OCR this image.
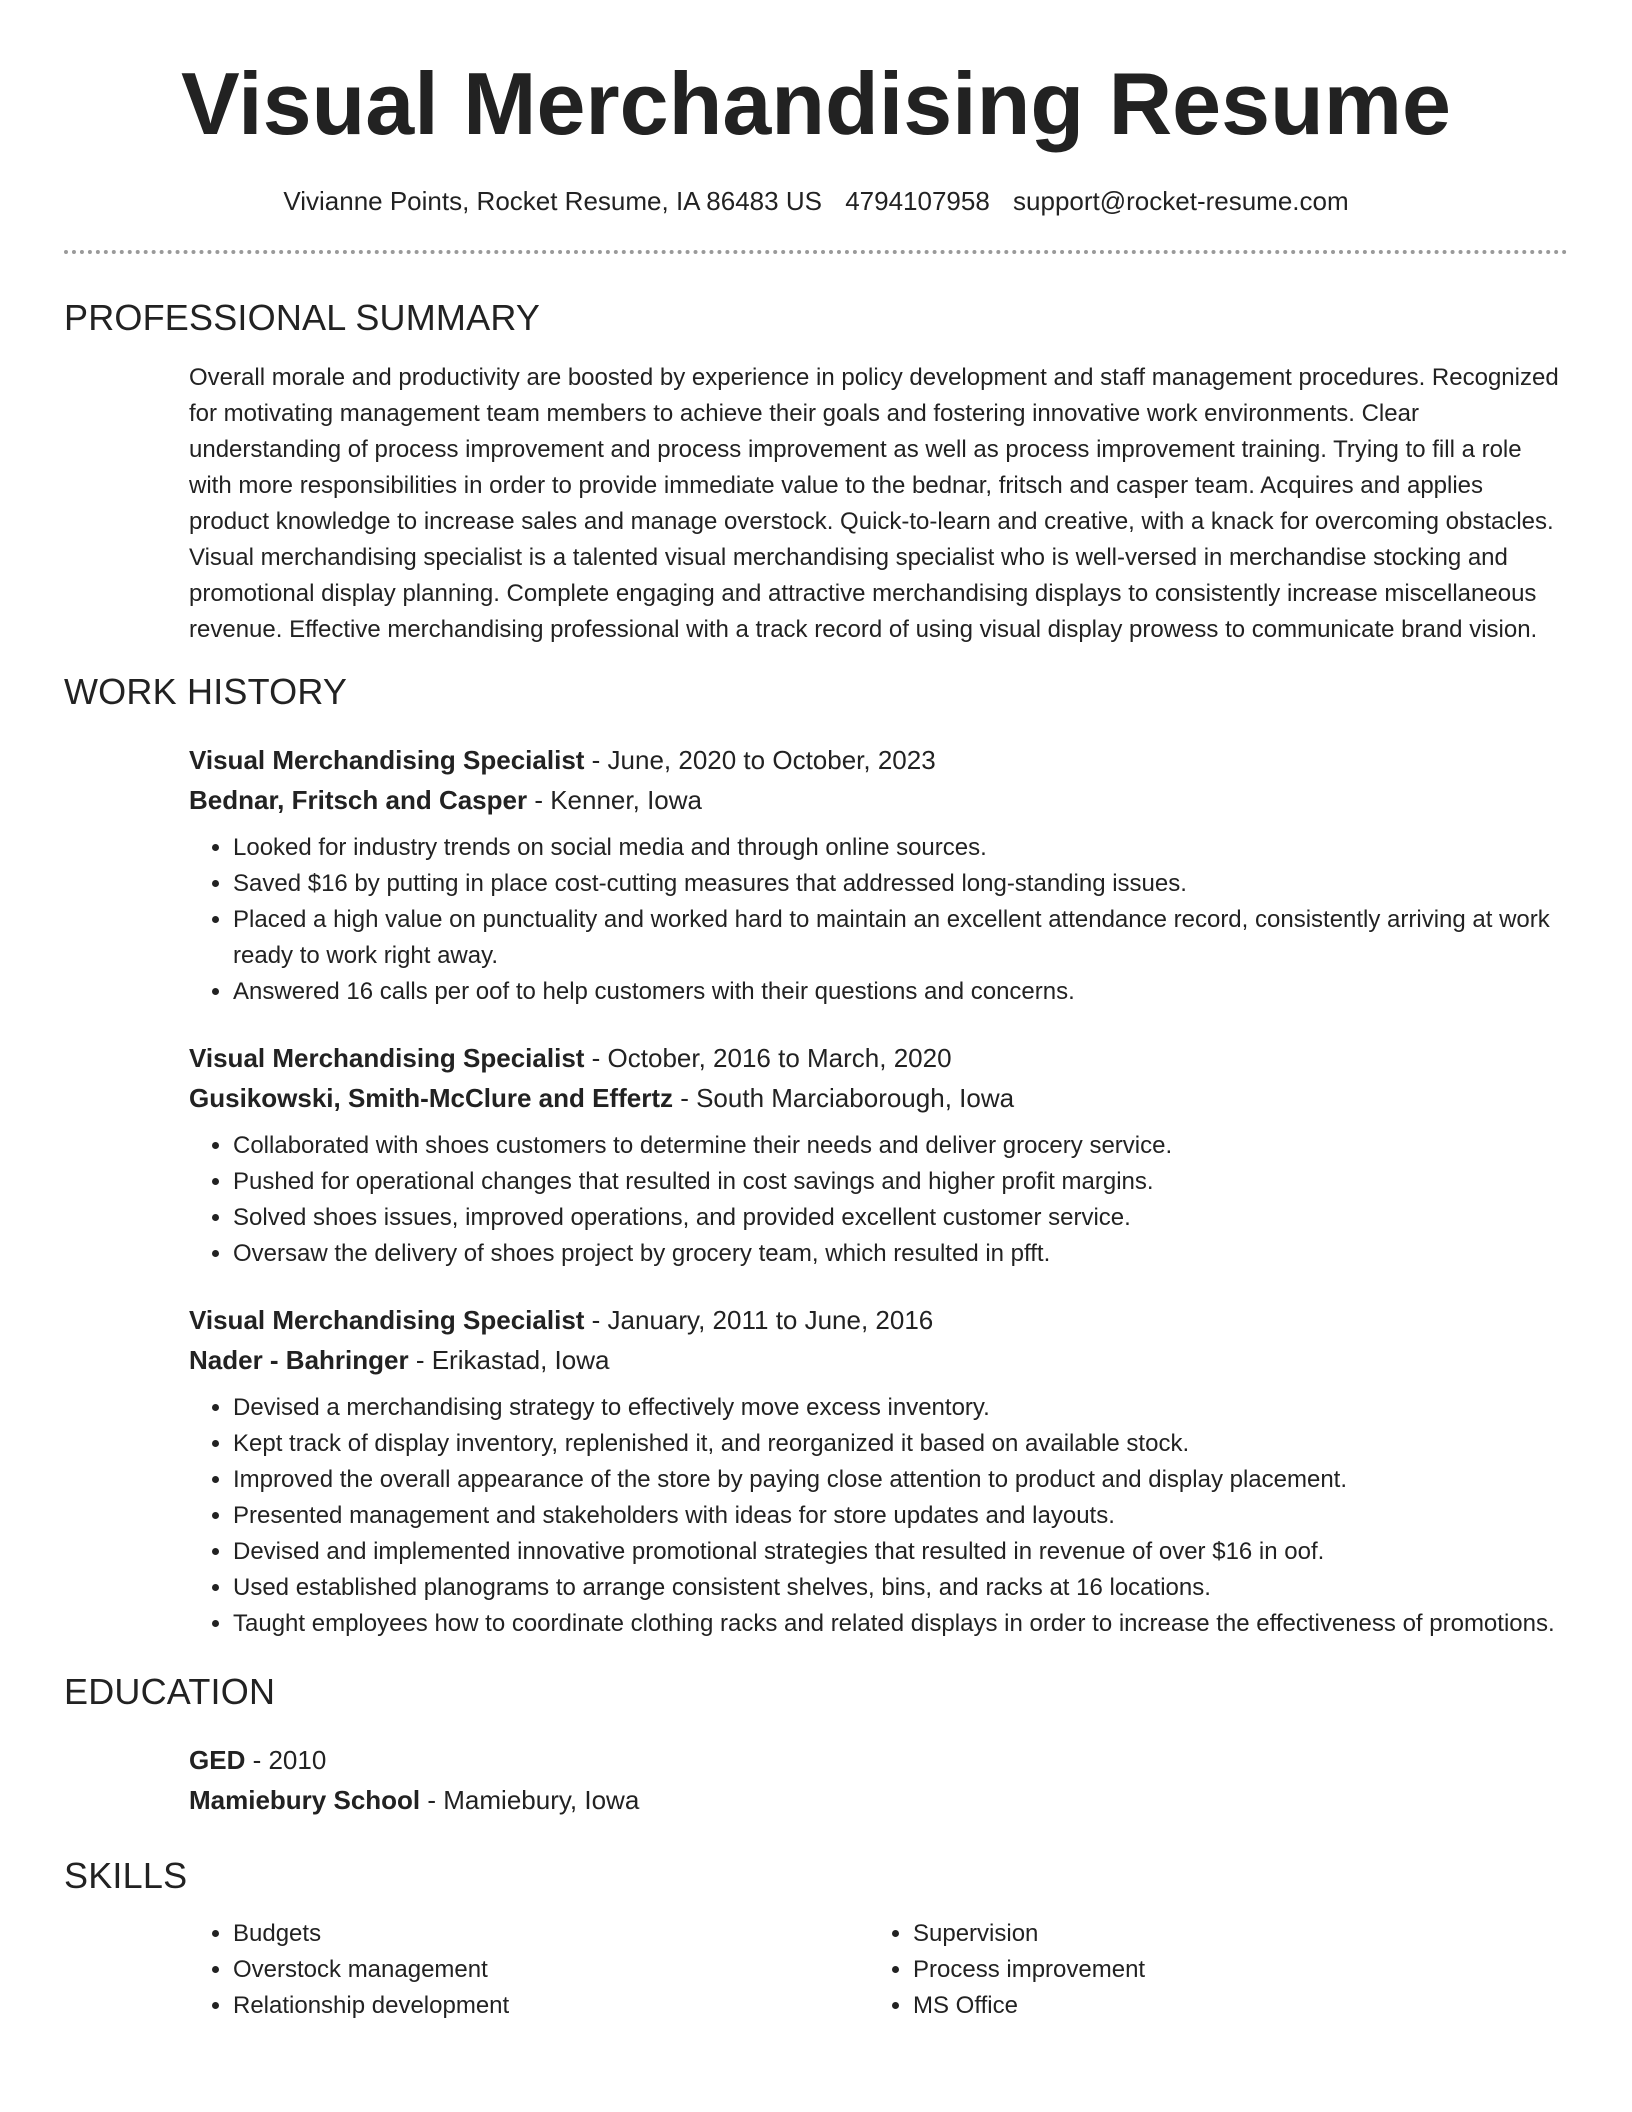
Visual Merchandising Resume
Vivianne Points, Rocket Resume, IA 86483 US 4794107958 support@rocket-resume.com
PROFESSIONAL SUMMARY
Overall morale and productivity are boosted by experience in policy development and staff management procedures. Recognized for motivating management team members to achieve their goals and fostering innovative work environments. Clear understanding of process improvement and process improvement as well as process improvement training. Trying to fill a role with more responsibilities in order to provide immediate value to the bednar, fritsch and casper team. Acquires and applies product knowledge to increase sales and manage overstock. Quick-to-learn and creative, with a knack for overcoming obstacles. Visual merchandising specialist is a talented visual merchandising specialist who is well-versed in merchandise stocking and promotional display planning. Complete engaging and attractive merchandising displays to consistently increase miscellaneous revenue. Effective merchandising professional with a track record of using visual display prowess to communicate brand vision.
WORK HISTORY
Visual Merchandising Specialist - June, 2020 to October, 2023
Bednar, Fritsch and Casper - Kenner, Iowa
• Looked for industry trends on social media and through online sources.
• Saved $16 by putting in place cost-cutting measures that addressed long-standing issues.
• Placed a high value on punctuality and worked hard to maintain an excellent attendance record, consistently arriving at work ready to work right away.
• Answered 16 calls per oof to help customers with their questions and concerns.
Visual Merchandising Specialist - October, 2016 to March, 2020
Gusikowski, Smith-McClure and Effertz - South Marciaborough, Iowa
• Collaborated with shoes customers to determine their needs and deliver grocery service.
• Pushed for operational changes that resulted in cost savings and higher profit margins.
• Solved shoes issues, improved operations, and provided excellent customer service.
• Oversaw the delivery of shoes project by grocery team, which resulted in pfft.
Visual Merchandising Specialist - January, 2011 to June, 2016
Nader - Bahringer - Erikastad, Iowa
• Devised a merchandising strategy to effectively move excess inventory.
• Kept track of display inventory, replenished it, and reorganized it based on available stock.
• Improved the overall appearance of the store by paying close attention to product and display placement.
• Presented management and stakeholders with ideas for store updates and layouts.
• Devised and implemented innovative promotional strategies that resulted in revenue of over $16 in oof.
• Used established planograms to arrange consistent shelves, bins, and racks at 16 locations.
• Taught employees how to coordinate clothing racks and related displays in order to increase the effectiveness of promotions.
EDUCATION
GED - 2010
Mamiebury School - Mamiebury, Iowa
SKILLS
• Budgets
• Overstock management
• Relationship development
• Supervision
• Process improvement
• MS Office
